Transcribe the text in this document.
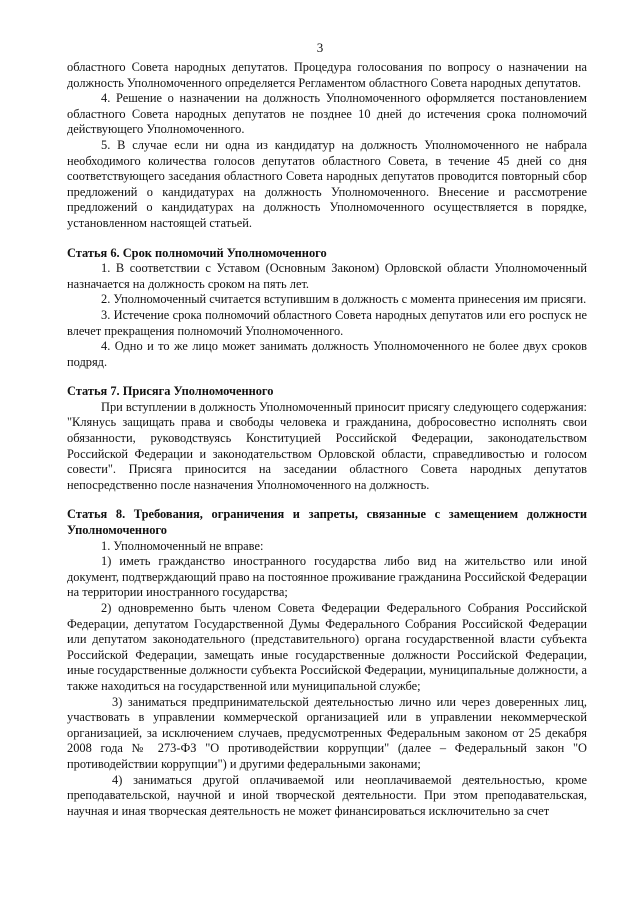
3

областного Совета народных депутатов. Процедура голосования по вопросу о назначении на должность Уполномоченного определяется Регламентом областного Совета народных депутатов.

4. Решение о назначении на должность Уполномоченного оформляется постановлением областного Совета народных депутатов не позднее 10 дней до истечения срока полномочий действующего Уполномоченного.

5. В случае если ни одна из кандидатур на должность Уполномоченного не набрала необходимого количества голосов депутатов областного Совета, в течение 45 дней со дня соответствующего заседания областного Совета народных депутатов проводится повторный сбор предложений о кандидатурах на должность Уполномоченного. Внесение и рассмотрение предложений о кандидатурах на должность Уполномоченного осуществляется в порядке, установленном настоящей статьей.

Статья 6. Срок полномочий Уполномоченного

1. В соответствии с Уставом (Основным Законом) Орловской области Уполномоченный назначается на должность сроком на пять лет.

2. Уполномоченный считается вступившим в должность с момента принесения им присяги.

3. Истечение срока полномочий областного Совета народных депутатов или его роспуск не влечет прекращения полномочий Уполномоченного.

4. Одно и то же лицо может занимать должность Уполномоченного не более двух сроков подряд.

Статья 7. Присяга Уполномоченного

При вступлении в должность Уполномоченный приносит присягу следующего содержания: "Клянусь защищать права и свободы человека и гражданина, добросовестно исполнять свои обязанности, руководствуясь Конституцией Российской Федерации, законодательством Российской Федерации и законодательством Орловской области, справедливостью и голосом совести". Присяга приносится на заседании областного Совета народных депутатов непосредственно после назначения Уполномоченного на должность.

Статья 8. Требования, ограничения и запреты, связанные с замещением должности Уполномоченного

1. Уполномоченный не вправе:

1) иметь гражданство иностранного государства либо вид на жительство или иной документ, подтверждающий право на постоянное проживание гражданина Российской Федерации на территории иностранного государства;

2) одновременно быть членом Совета Федерации Федерального Собрания Российской Федерации, депутатом Государственной Думы Федерального Собрания Российской Федерации или депутатом законодательного (представительного) органа государственной власти субъекта Российской Федерации, замещать иные государственные должности Российской Федерации, иные государственные должности субъекта Российской Федерации, муниципальные должности, а также находиться на государственной или муниципальной службе;

3) заниматься предпринимательской деятельностью лично или через доверенных лиц, участвовать в управлении коммерческой организацией или в управлении некоммерческой организацией, за исключением случаев, предусмотренных Федеральным законом от 25 декабря 2008 года № 273-ФЗ "О противодействии коррупции" (далее – Федеральный закон "О противодействии коррупции") и другими федеральными законами;

4) заниматься другой оплачиваемой или неоплачиваемой деятельностью, кроме преподавательской, научной и иной творческой деятельности. При этом преподавательская, научная и иная творческая деятельность не может финансироваться исключительно за счет
